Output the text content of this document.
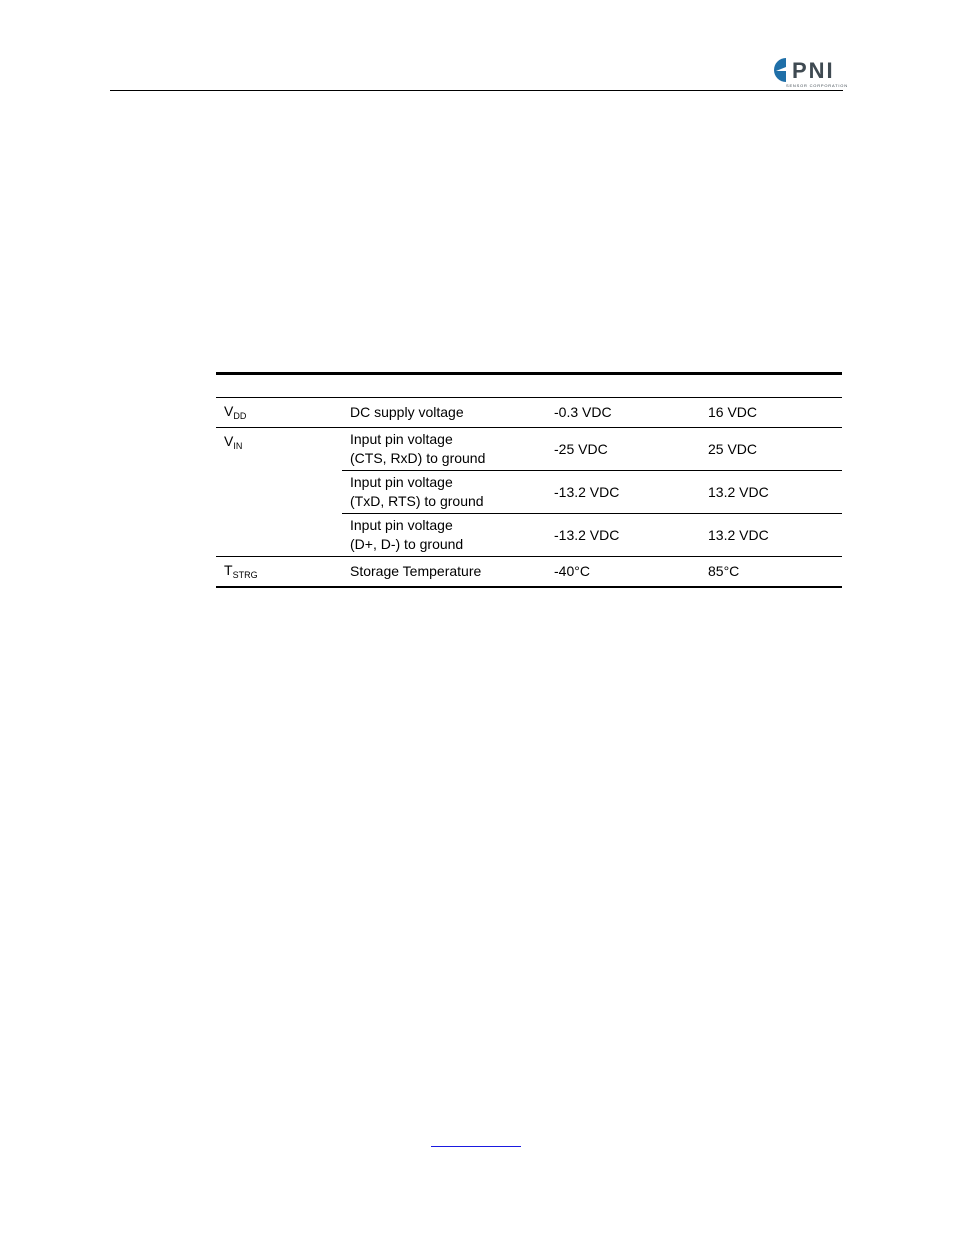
PNI
SENSOR CORPORATION

$V_{DD}$	DC supply voltage	-0.3 VDC	16 VDC
$V_{IN}$	Input pin voltage
(CTS, RxD) to ground	-25 VDC	25 VDC

	Input pin voltage
(TxD, RTS) to ground	-13.2 VDC	13.2 VDC

	Input pin voltage
(D+, D-) to ground	-13.2 VDC	13.2 VDC
$T_{STRG}$	Storage Temperature	-40°C	85°C
